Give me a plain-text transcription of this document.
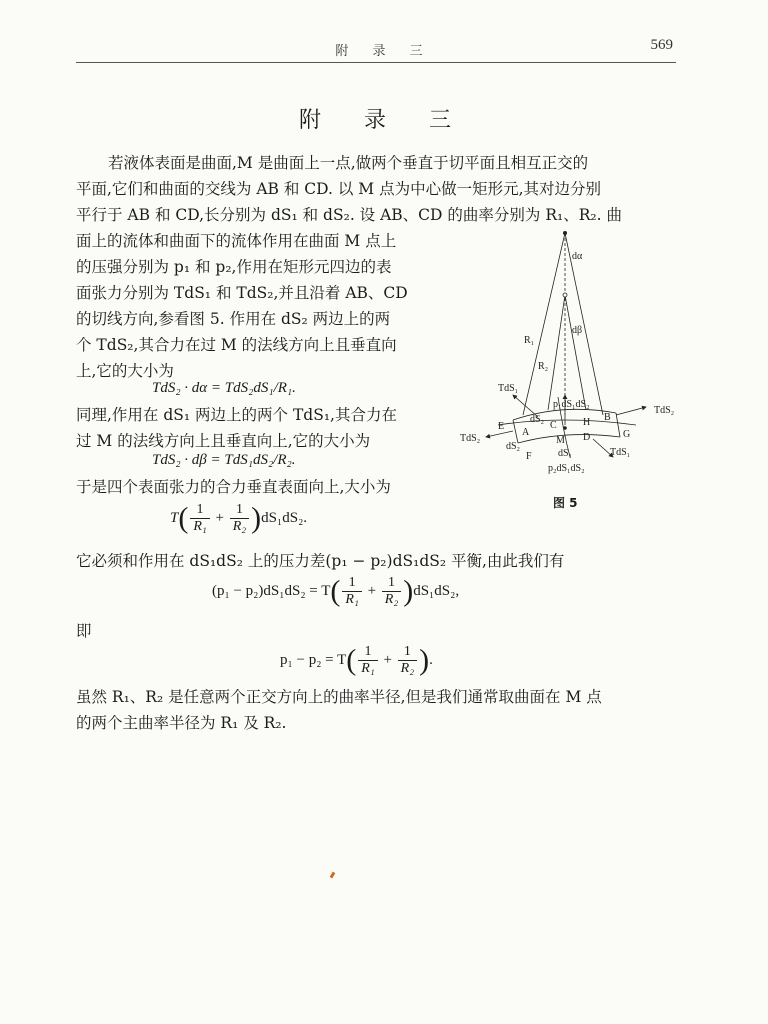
附 录 三	569
附 录 三
若液体表面是曲面,M 是曲面上一点,做两个垂直于切平面且相互正交的
平面,它们和曲面的交线为 AB 和 CD. 以 M 点为中心做一矩形元,其对边分别
平行于 AB 和 CD,长分别为 dS₁ 和 dS₂. 设 AB、CD 的曲率分别为 R₁、R₂. 曲
面上的流体和曲面下的流体作用在曲面 M 点上
的压强分别为 p₁ 和 p₂,作用在矩形元四边的表
面张力分别为 TdS₁ 和 TdS₂,并且沿着 AB、CD
的切线方向,参看图 5. 作用在 dS₂ 两边上的两
个 TdS₂,其合力在过 M 的法线方向上且垂直向
上,它的大小为
TdS₂ · dα = TdS₂dS₁/R₁.
同理,作用在 dS₁ 两边上的两个 TdS₁,其合力在
过 M 的法线方向上且垂直向上,它的大小为
TdS₂ · dβ = TdS₁dS₂/R₂.
于是四个表面张力的合力垂直表面向上,大小为
$T( \frac{1}{\text{R₁}} + \frac{1}{\text{R₂}} )dS_1dS_2$.
它必须和作用在 dS₁dS₂ 上的压力差(p₁ − p₂)dS₁dS₂ 平衡,由此我们有
$(p_1 - p_2)dS_1dS_2 = T( \frac{1}{\text{R₁}} + \frac{1}{\text{R₂}} )dS_1dS_2$,
即
$p_1 - p_2 = T( \frac{1}{\text{R₁}} + \frac{1}{\text{R₂}}$ ).
虽然 R₁、R₂ 是任意两个正交方向上的曲率半径,但是我们通常取曲面在 M 点
的两个主曲率半径为 R₁ 及 R₂.
dα
dβ
R₁
R₂
TdS₁
p₁dS₁dS₂
TdS₂
E
A
C	H B
G
TdS₂
dS₂
dS₂
D
M
dS₁
F	TdS₁
p₂dS₁dS₂
图 5
